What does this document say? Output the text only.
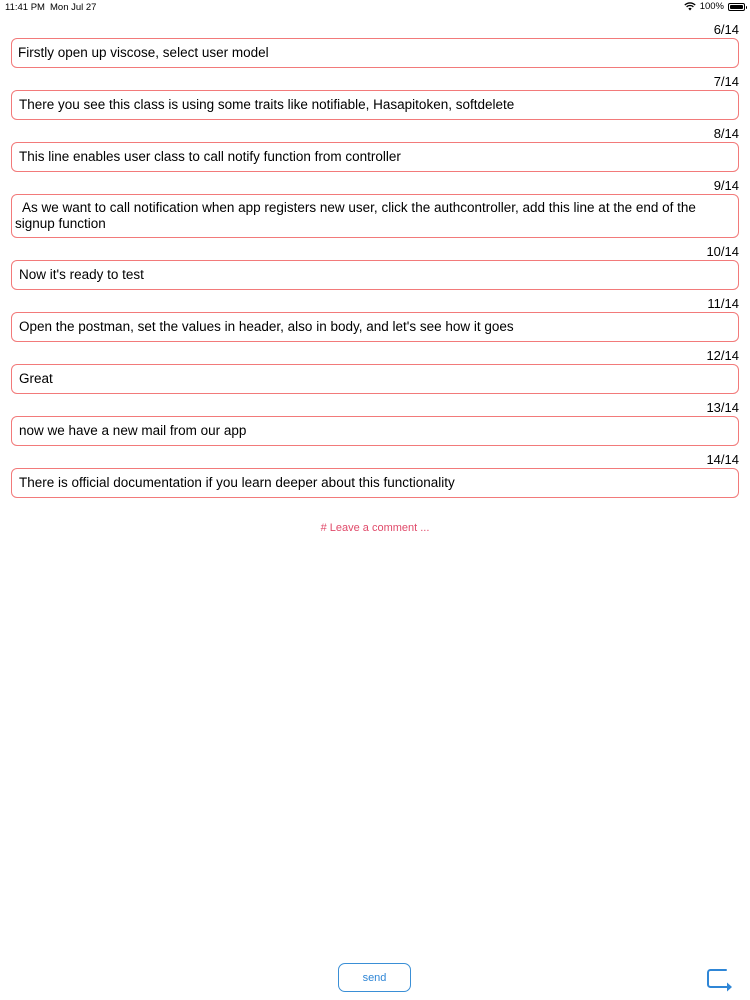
11:41 PM Mon Jul 27	100%
6/14
Firstly open up viscose, select user model
7/14
There you see this class is using some traits like notifiable, Hasapitoken, softdelete
8/14
This line enables user class to call notify function from controller
9/14
As we want to call notification when app registers new user, click the authcontroller, add this line at the end of the signup function
10/14
Now it's ready to test
11/14
Open the postman, set the values in header, also in body, and let's see how it goes
12/14
Great
13/14
now we have a new mail from our app
14/14
There is official documentation if you learn deeper about this functionality
# Leave a comment ...
send
